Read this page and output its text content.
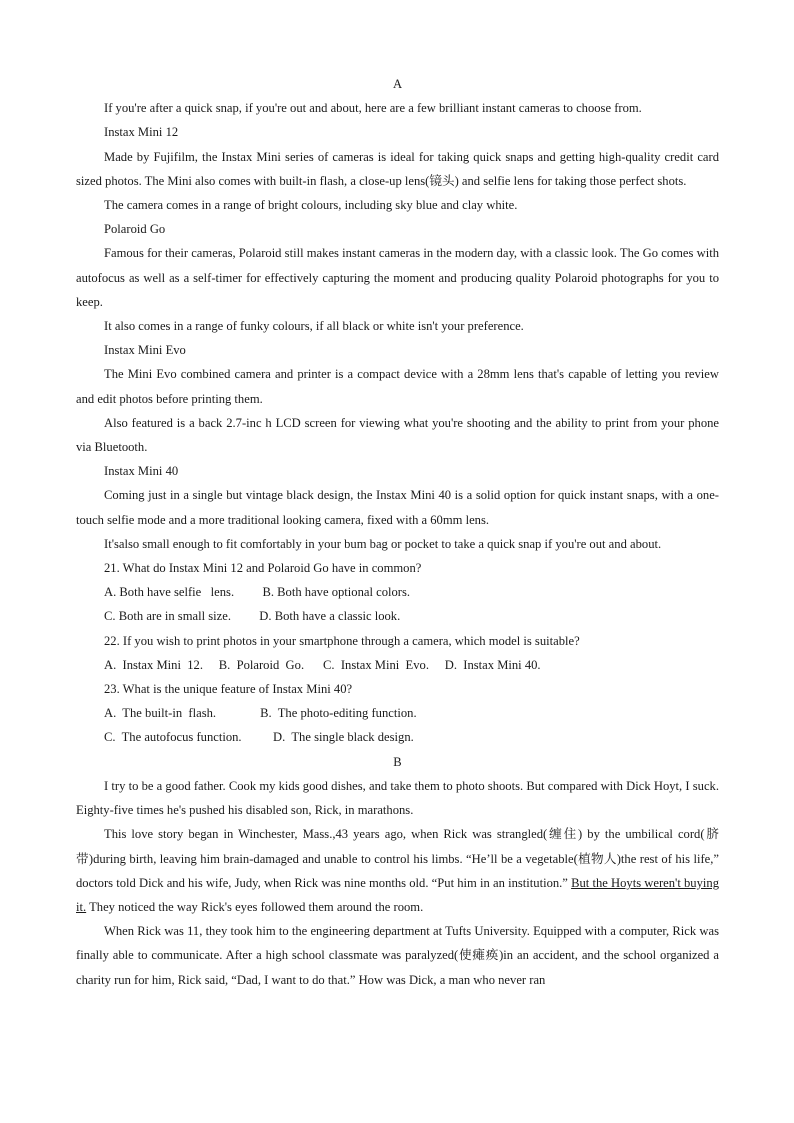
A

If you're after a quick snap, if you're out and about, here are a few brilliant instant cameras to choose from.

Instax Mini 12

Made by Fujifilm, the Instax Mini series of cameras is ideal for taking quick snaps and getting high-quality credit card sized photos. The Mini also comes with built-in flash, a close-up lens(镜头) and selfie lens for taking those perfect shots.

The camera comes in a range of bright colours, including sky blue and clay white.

Polaroid Go

Famous for their cameras, Polaroid still makes instant cameras in the modern day, with a classic look. The Go comes with autofocus as well as a self-timer for effectively capturing the moment and producing quality Polaroid photographs for you to keep.

It also comes in a range of funky colours, if all black or white isn't your preference.

Instax Mini Evo

The Mini Evo combined camera and printer is a compact device with a 28mm lens that's capable of letting you review and edit photos before printing them.

Also featured is a back 2.7-inc h LCD screen for viewing what you're shooting and the ability to print from your phone via Bluetooth.

Instax Mini 40

Coming just in a single but vintage black design, the Instax Mini 40 is a solid option for quick instant snaps, with a one-touch selfie mode and a more traditional looking camera, fixed with a 60mm lens.

It'salso small enough to fit comfortably in your bum bag or pocket to take a quick snap if you're out and about.

21. What do Instax Mini 12 and Polaroid Go have in common?

A. Both have selfie   lens.         B. Both have optional colors.

C. Both are in small size.         D. Both have a classic look.

22. If you wish to print photos in your smartphone through a camera, which model is suitable?

A.  Instax Mini  12.     B.  Polaroid  Go.      C.  Instax Mini  Evo.     D.  Instax Mini 40.

23. What is the unique feature of Instax Mini 40?

A.  The built-in  flash.              B.  The photo-editing function.

C.  The autofocus function.          D.  The single black design.

B

I try to be a good father. Cook my kids good dishes, and take them to photo shoots. But compared with Dick Hoyt, I suck. Eighty-five times he's pushed his disabled son, Rick, in marathons.

This love story began in Winchester, Mass.,43 years ago, when Rick was strangled(缠住) by the umbilical cord(脐带)during birth, leaving him brain-damaged and unable to control his limbs. “He’ll be a vegetable(植物人)the rest of his life,” doctors told Dick and his wife, Judy, when Rick was nine months old. “Put him in an institution.” But the Hoyts weren't buying it. They noticed the way Rick's eyes followed them around the room.

When Rick was 11, they took him to the engineering department at Tufts University. Equipped with a computer, Rick was finally able to communicate. After a high school classmate was paralyzed(使瘫痪)in an accident, and the school organized a charity run for him, Rick said, “Dad, I want to do that.” How was Dick, a man who never ran
